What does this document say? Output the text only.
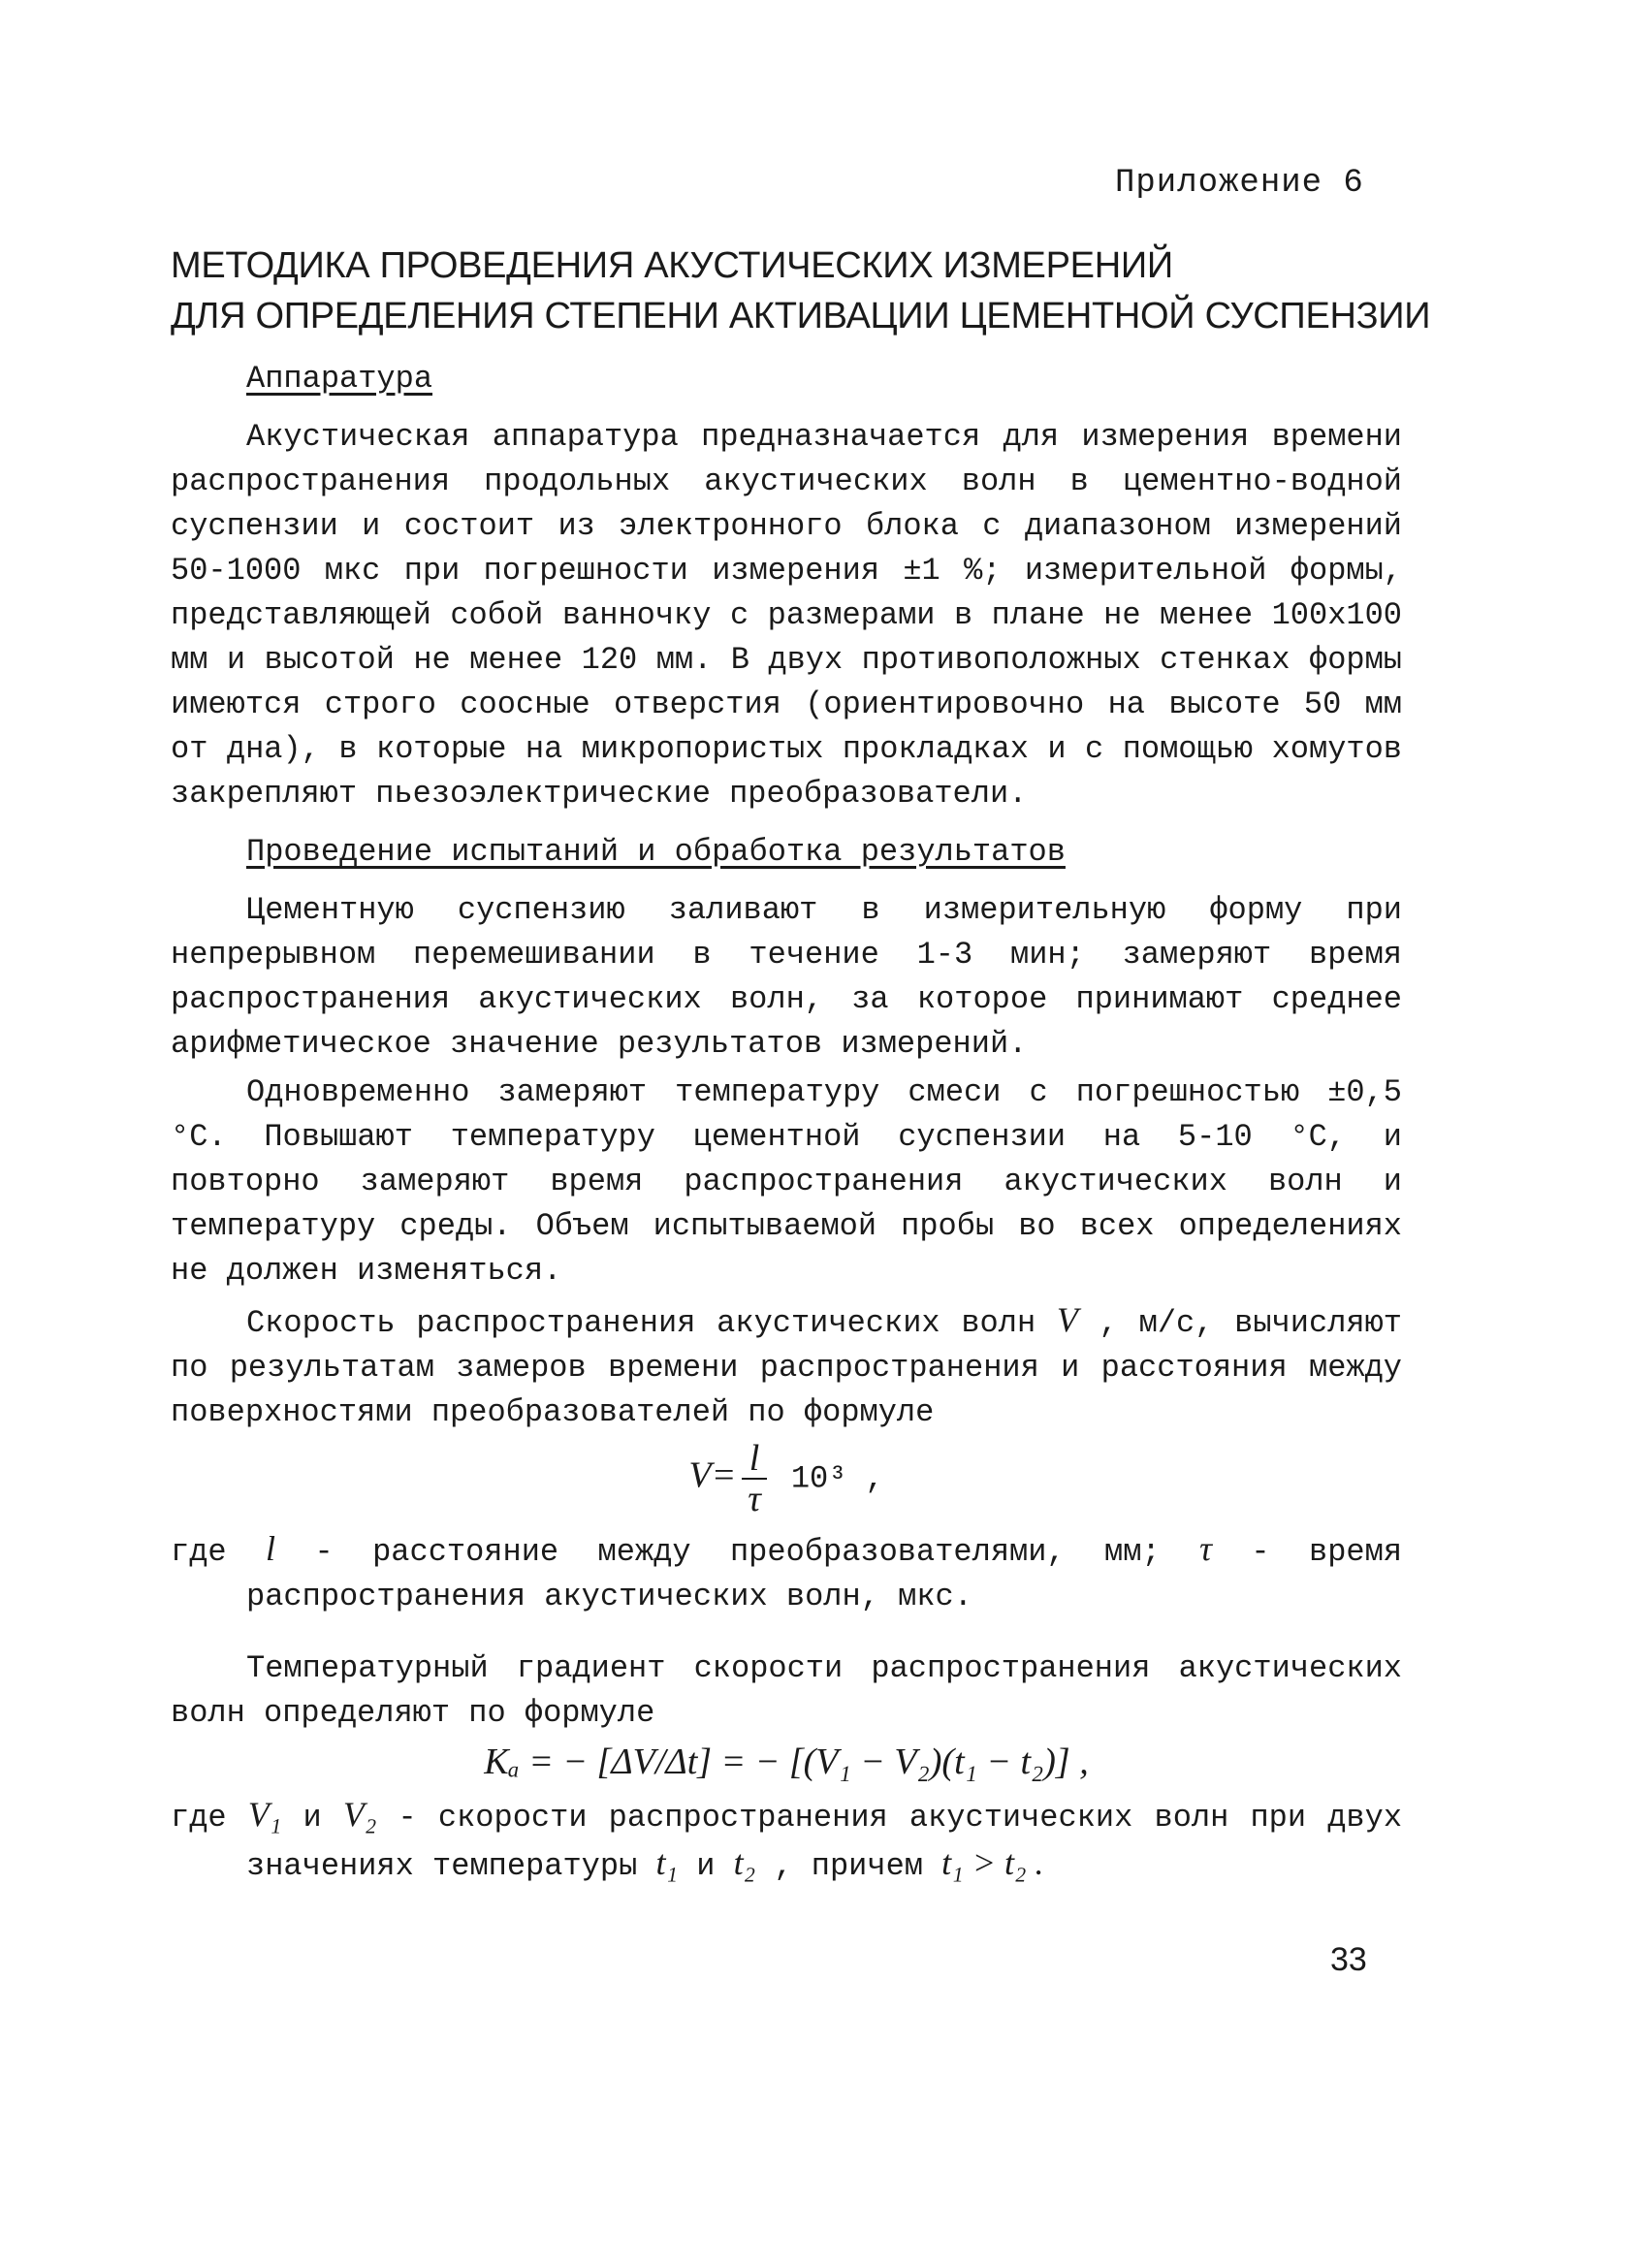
Приложение 6
МЕТОДИКА ПРОВЕДЕНИЯ АКУСТИЧЕСКИХ ИЗМЕРЕНИЙ
ДЛЯ ОПРЕДЕЛЕНИЯ СТЕПЕНИ АКТИВАЦИИ ЦЕМЕНТНОЙ СУСПЕНЗИИ
Аппаратура

Акустическая аппаратура предназначается для измерения времени распространения продольных акустических волн в цементно-водной суспензии и состоит из электронного блока с диапазоном измерений 50-1000 мкс при погрешности измерения ±1 %; измерительной формы, представляющей собой ванночку с размерами в плане не менее 100х100 мм и высотой не менее 120 мм. В двух противоположных стенках формы имеются строго соосные отверстия (ориентировочно на высоте 50 мм от дна), в которые на микропористых прокладках и с помощью хомутов закрепляют пьезоэлектрические преобразователи.

Проведение испытаний и обработка результатов

Цементную суспензию заливают в измерительную форму при непрерывном перемешивании в течение 1-3 мин; замеряют время распространения акустических волн, за которое принимают среднее арифметическое значение результатов измерений.

Одновременно замеряют температуру смеси с погрешностью ±0,5 °С. Повышают температуру цементной суспензии на 5-10 °С, и повторно замеряют время распространения акустических волн и температуру среды. Объем испытываемой пробы во всех определениях не должен изменяться.

Скорость распространения акустических волн V , м/с, вычисляют по результатам замеров времени распространения и расстояния между поверхностями преобразователей по формуле

$V= \frac{l}{\tau} 10^3$ ,

где l - расстояние между преобразователями, мм; τ - время распространения акустических волн, мкс.

Температурный градиент скорости распространения акустических волн определяют по формуле

Kₐ = − [ΔV/Δt] = − [(V₁ − V₂)(t₁ − t₂)] ,

где V₁ и V₂ - скорости распространения акустических волн при двух значениях температуры t₁ и t₂ , причем t₁ > t₂ .

33
